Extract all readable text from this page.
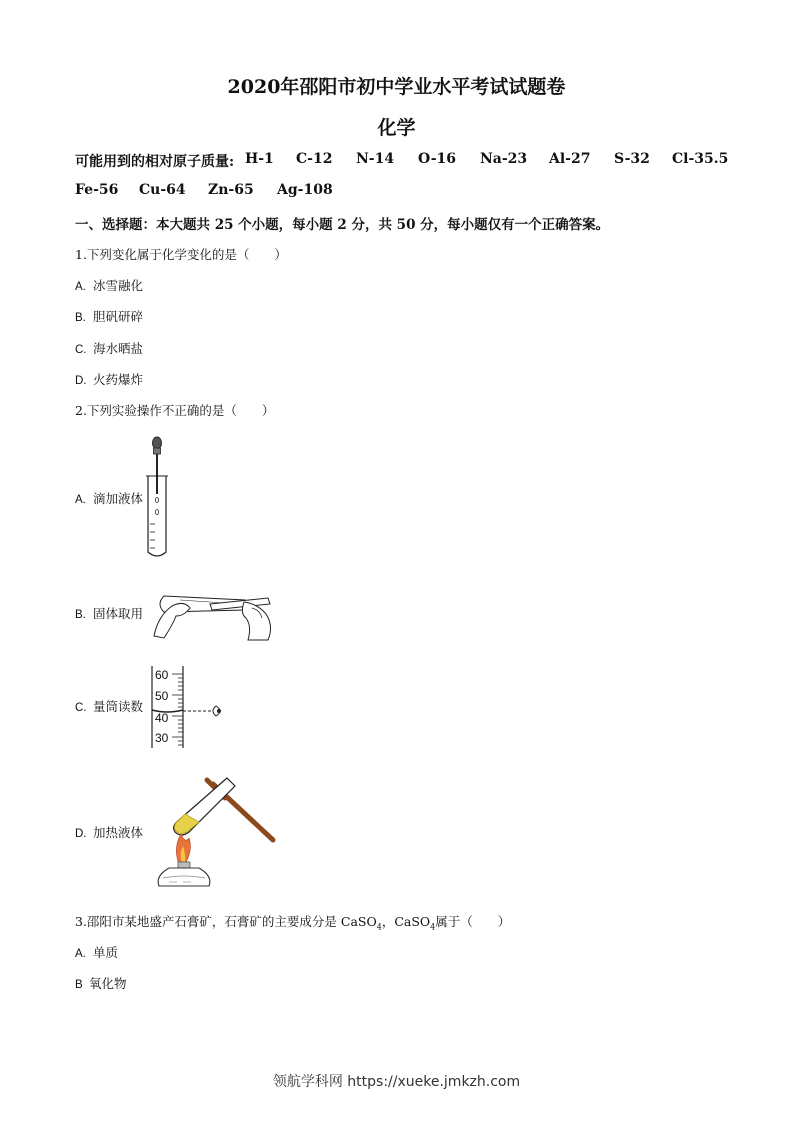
2020年邵阳市初中学业水平考试试题卷
化学
可能用到的相对原子质量: H-1 C-12 N-14 O-16 Na-23 Al-27 S-32 Cl-35.5
Fe-56 Cu-64 Zn-65 Ag-108
一、选择题：本大题共 25 个小题，每小题 2 分，共 50 分，每小题仅有一个正确答案。
1.下列变化属于化学变化的是（　　）
A. 冰雪融化
B. 胆矾研碎
C. 海水晒盐
D. 火药爆炸
2.下列实验操作不正确的是（　　）
A. 滴加液体
B. 固体取用
C. 量筒读数
60
50
40
30
D. 加热液体
3.邵阳市某地盛产石膏矿，石膏矿的主要成分是 CaSO$_4$，CaSO$_4$属于（　　）
A. 单质
B 氧化物
领航学科网 https://xueke.jmkzh.com
